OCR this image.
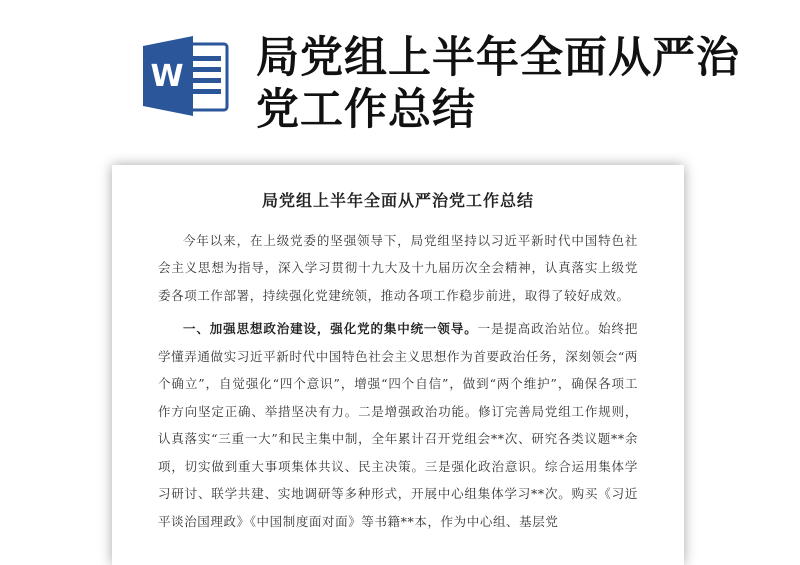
W 局党组上半年全面从严治党工作总结
局党组上半年全面从严治党工作总结

今年以来，在上级党委的坚强领导下，局党组坚持以习近平新时代中国特色社会主义思想为指导，深入学习贯彻十九大及十九届历次全会精神，认真落实上级党委各项工作部署，持续强化党建统领，推动各项工作稳步前进，取得了较好成效。

一、加强思想政治建设，强化党的集中统一领导。一是提高政治站位。始终把学懂弄通做实习近平新时代中国特色社会主义思想作为首要政治任务，深刻领会“两个确立”，自觉强化“四个意识”，增强“四个自信”，做到“两个维护”，确保各项工作方向坚定正确、举措坚决有力。二是增强政治功能。修订完善局党组工作规则，认真落实“三重一大”和民主集中制，全年累计召开党组会**次、研究各类议题**余项，切实做到重大事项集体共议、民主决策。三是强化政治意识。综合运用集体学习研讨、联学共建、实地调研等多种形式，开展中心组集体学习**次。购买《习近平谈治国理政》《中国制度面对面》等书籍**本，作为中心组、基层党
